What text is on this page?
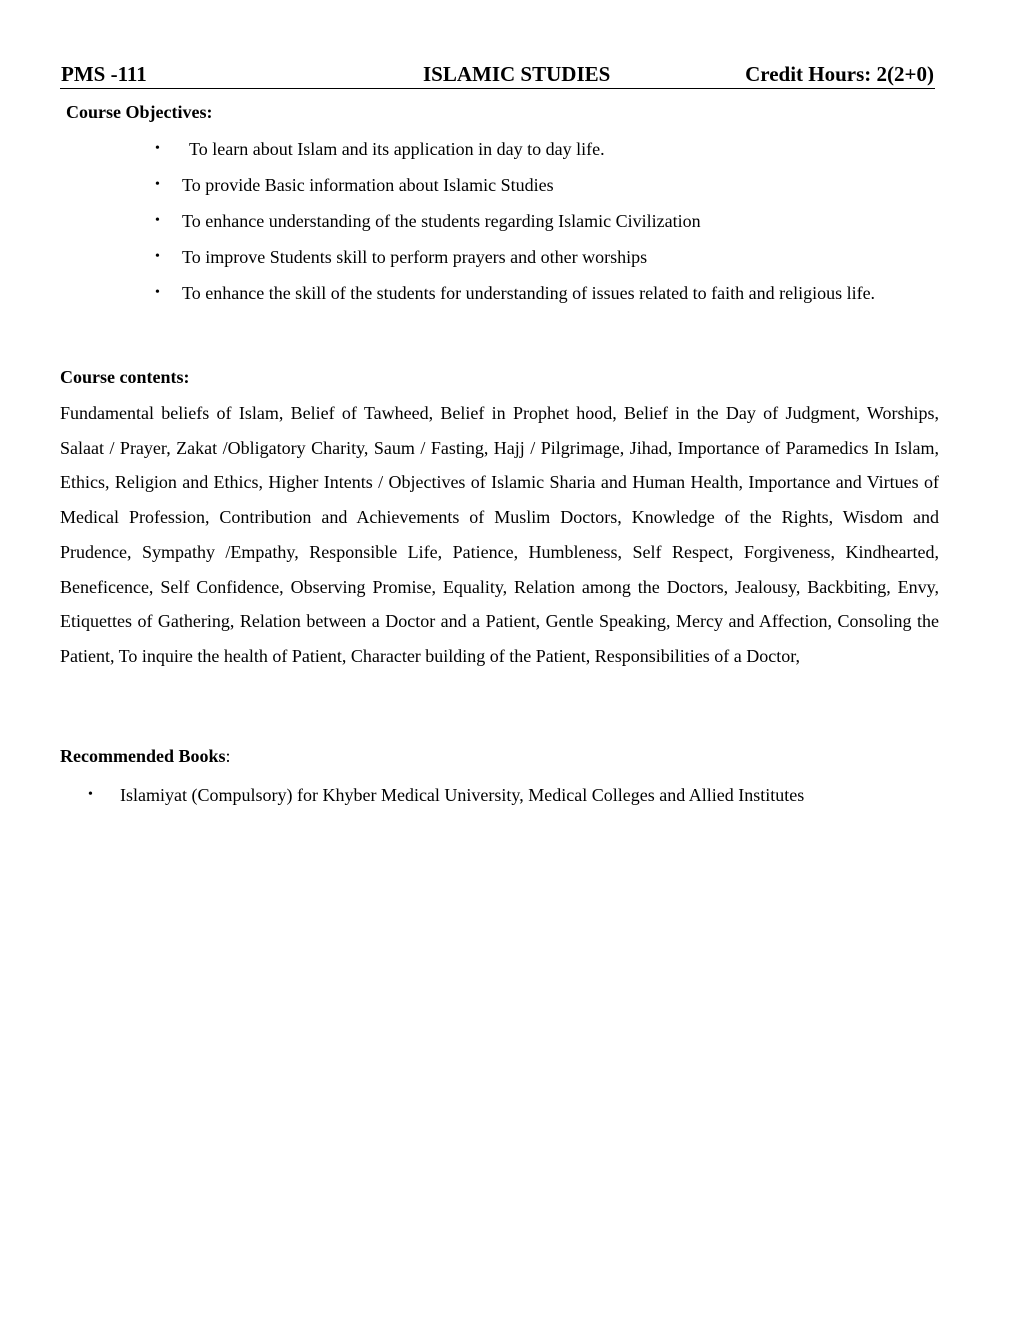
PMS -111	ISLAMIC STUDIES	Credit Hours: 2(2+0)
Course Objectives:
• To learn about Islam and its application in day to day life.
• To provide Basic information about Islamic Studies
• To enhance understanding of the students regarding Islamic Civilization
• To improve Students skill to perform prayers and other worships
• To enhance the skill of the students for understanding of issues related to faith and religious life.
Course contents:

Fundamental beliefs of Islam, Belief of Tawheed, Belief in Prophet hood, Belief in the Day of Judgment, Worships, Salaat / Prayer, Zakat /Obligatory Charity, Saum / Fasting, Hajj / Pilgrimage, Jihad, Importance of Paramedics In Islam, Ethics, Religion and Ethics, Higher Intents / Objectives of Islamic Sharia and Human Health, Importance and Virtues of Medical Profession, Contribution and Achievements of Muslim Doctors, Knowledge of the Rights, Wisdom and Prudence, Sympathy /Empathy, Responsible Life, Patience, Humbleness, Self Respect, Forgiveness, Kindhearted, Beneficence, Self Confidence, Observing Promise, Equality, Relation among the Doctors, Jealousy, Backbiting, Envy, Etiquettes of Gathering, Relation between a Doctor and a Patient, Gentle Speaking, Mercy and Affection, Consoling the Patient, To inquire the health of Patient, Character building of the Patient, Responsibilities of a Doctor,

Recommended Books:
• Islamiyat (Compulsory) for Khyber Medical University, Medical Colleges and Allied Institutes
